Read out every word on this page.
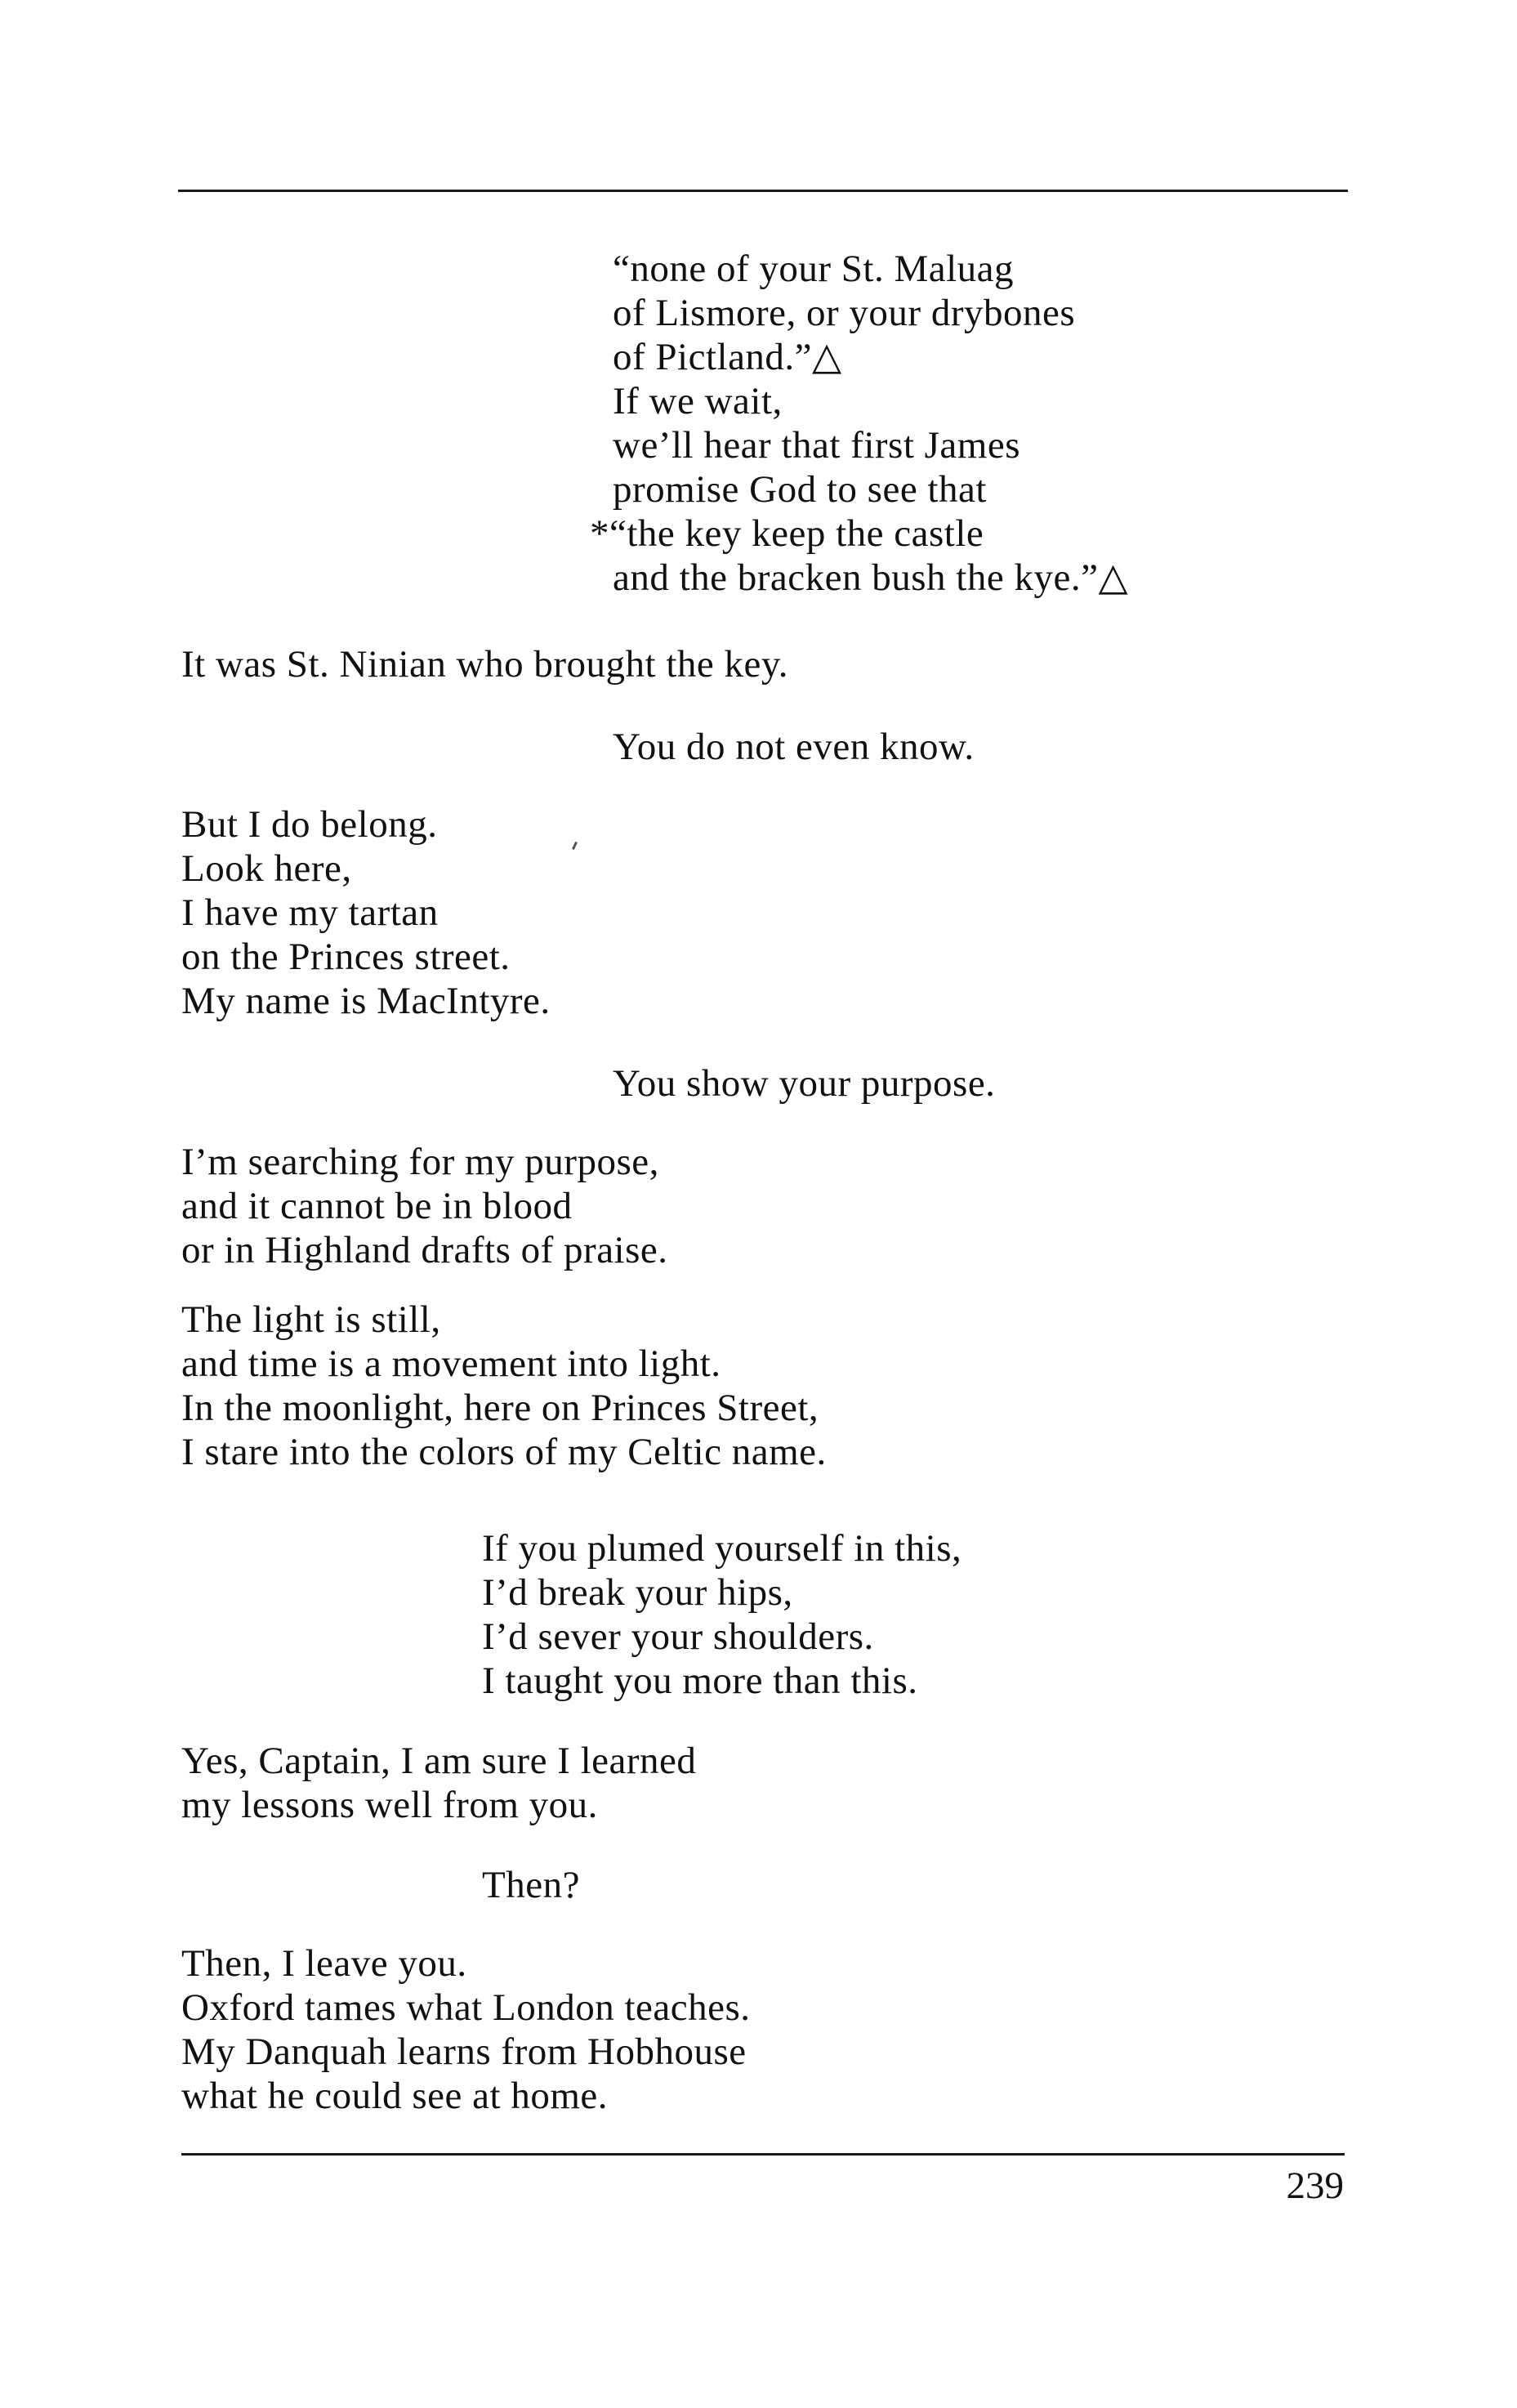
“none of your St. Maluag
of Lismore, or your drybones
of Pictland.”△
If we wait,
we’ll hear that first James
promise God to see that
*“the key keep the castle
and the bracken bush the kye.”△
It was St. Ninian who brought the key.
You do not even know.
But I do belong.
Look here,
I have my tartan
on the Princes street.
My name is MacIntyre.
You show your purpose.
I’m searching for my purpose,
and it cannot be in blood
or in Highland drafts of praise.
The light is still,
and time is a movement into light.
In the moonlight, here on Princes Street,
I stare into the colors of my Celtic name.
If you plumed yourself in this,
I’d break your hips,
I’d sever your shoulders.
I taught you more than this.
Yes, Captain, I am sure I learned
my lessons well from you.
Then?
Then, I leave you.
Oxford tames what London teaches.
My Danquah learns from Hobhouse
what he could see at home.

239
